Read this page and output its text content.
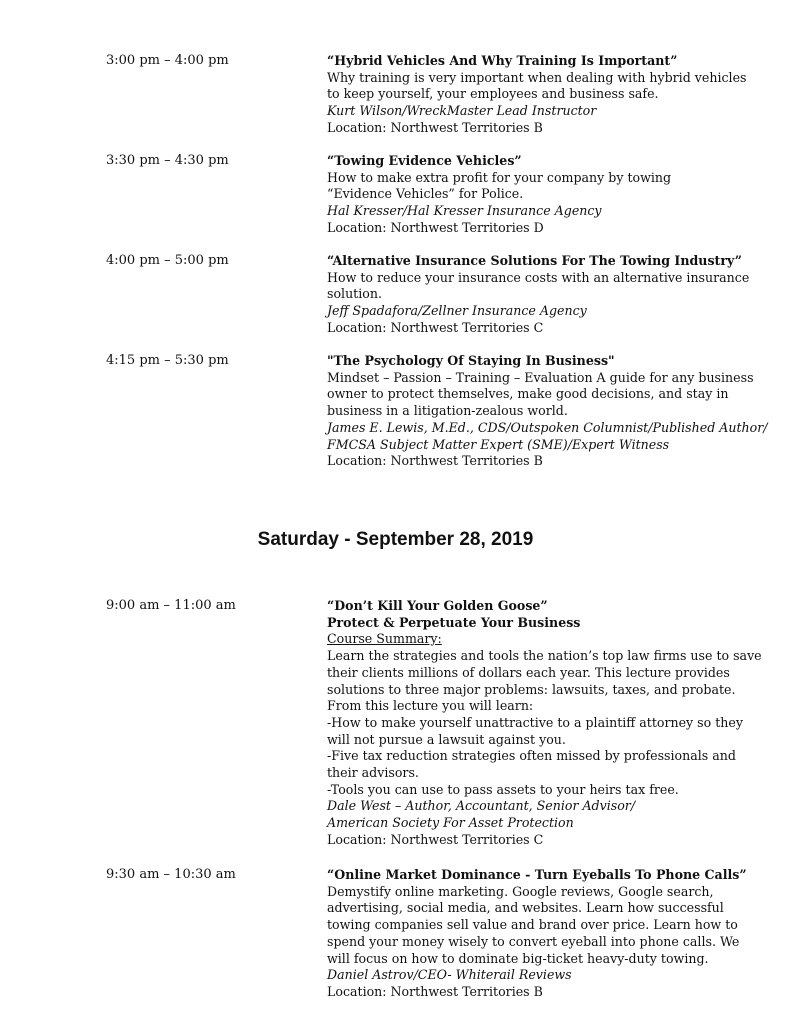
3:00 pm – 4:00 pm	“Hybrid Vehicles And Why Training Is Important”
Why training is very important when dealing with hybrid vehicles
to keep yourself, your employees and business safe.
Kurt Wilson/WreckMaster Lead Instructor
Location: Northwest Territories B
3:30 pm – 4:30 pm	“Towing Evidence Vehicles”
How to make extra profit for your company by towing
“Evidence Vehicles” for Police.
Hal Kresser/Hal Kresser Insurance Agency
Location: Northwest Territories D
4:00 pm – 5:00 pm	“Alternative Insurance Solutions For The Towing Industry”
How to reduce your insurance costs with an alternative insurance
solution.
Jeff Spadafora/Zellner Insurance Agency
Location: Northwest Territories C
4:15 pm – 5:30 pm	"The Psychology Of Staying In Business"
Mindset – Passion – Training – Evaluation A guide for any business
owner to protect themselves, make good decisions, and stay in
business in a litigation-zealous world.
James E. Lewis, M.Ed., CDS/Outspoken Columnist/Published Author/
FMCSA Subject Matter Expert (SME)/Expert Witness
Location: Northwest Territories B
Saturday - September 28, 2019
9:00 am – 11:00 am	“Don’t Kill Your Golden Goose”
Protect & Perpetuate Your Business
Course Summary:
Learn the strategies and tools the nation’s top law firms use to save
their clients millions of dollars each year. This lecture provides
solutions to three major problems: lawsuits, taxes, and probate.
From this lecture you will learn:
-How to make yourself unattractive to a plaintiff attorney so they
will not pursue a lawsuit against you.
-Five tax reduction strategies often missed by professionals and
their advisors.
-Tools you can use to pass assets to your heirs tax free.
Dale West – Author, Accountant, Senior Advisor/
American Society For Asset Protection
Location: Northwest Territories C
9:30 am – 10:30 am	“Online Market Dominance - Turn Eyeballs To Phone Calls”
Demystify online marketing. Google reviews, Google search,
advertising, social media, and websites. Learn how successful
towing companies sell value and brand over price. Learn how to
spend your money wisely to convert eyeball into phone calls. We
will focus on how to dominate big-ticket heavy-duty towing.
Daniel Astrov/CEO- Whiterail Reviews
Location: Northwest Territories B
